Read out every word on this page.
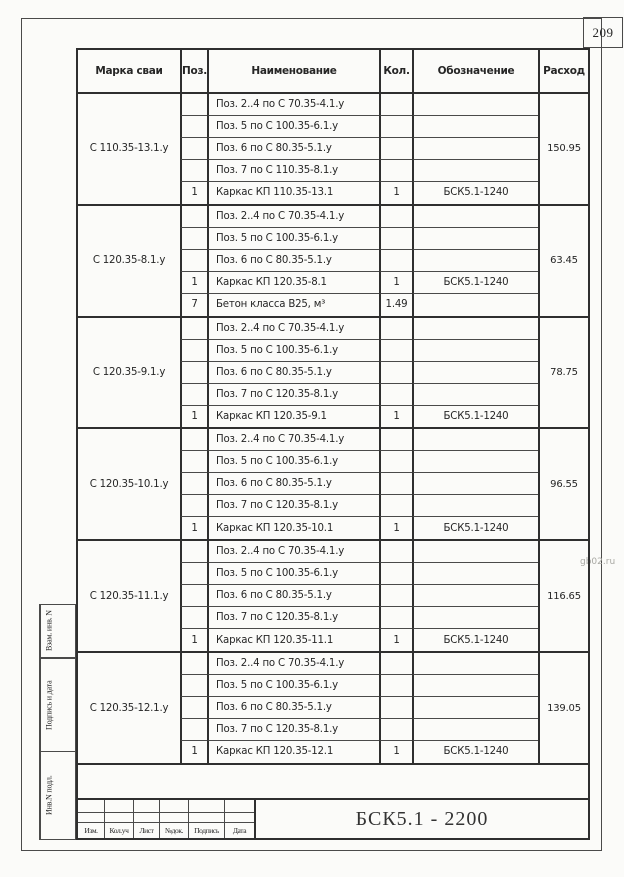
209
gb02.ru
Марка сваи	Поз.	Наименование	Кол.	Обозначение	Расход
С 110.35-13.1.у
Поз. 2..4 по С 70.35-4.1.у
Поз. 5 по С 100.35-6.1.у
Поз. 6 по С 80.35-5.1.у
Поз. 7 по С 110.35-8.1.у
1	Каркас КП 110.35-13.1	1	БСК5.1-1240
150.95
С 120.35-8.1.у
Поз. 2..4 по С 70.35-4.1.у
Поз. 5 по С 100.35-6.1.у
Поз. 6 по С 80.35-5.1.у
1	Каркас КП 120.35-8.1	1	БСК5.1-1240
7	Бетон класса В25, м³	1.49
63.45
С 120.35-9.1.у
Поз. 2..4 по С 70.35-4.1.у
Поз. 5 по С 100.35-6.1.у
Поз. 6 по С 80.35-5.1.у
Поз. 7 по С 120.35-8.1.у
1	Каркас КП 120.35-9.1	1	БСК5.1-1240
78.75
С 120.35-10.1.у
Поз. 2..4 по С 70.35-4.1.у
Поз. 5 по С 100.35-6.1.у
Поз. 6 по С 80.35-5.1.у
Поз. 7 по С 120.35-8.1.у
1	Каркас КП 120.35-10.1	1	БСК5.1-1240
96.55
С 120.35-11.1.у
Поз. 2..4 по С 70.35-4.1.у
Поз. 5 по С 100.35-6.1.у
Поз. 6 по С 80.35-5.1.у
Поз. 7 по С 120.35-8.1.у
1	Каркас КП 120.35-11.1	1	БСК5.1-1240
116.65
С 120.35-12.1.у
Поз. 2..4 по С 70.35-4.1.у
Поз. 5 по С 100.35-6.1.у
Поз. 6 по С 80.35-5.1.у
Поз. 7 по С 120.35-8.1.у
1	Каркас КП 120.35-12.1	1	БСК5.1-1240
139.05
Изм.	Кол.уч	Лист	№док.	Подпись	Дата
БСК5.1 - 2200
Взам. инв. N
Подпись и дата
Инв.N подл.
